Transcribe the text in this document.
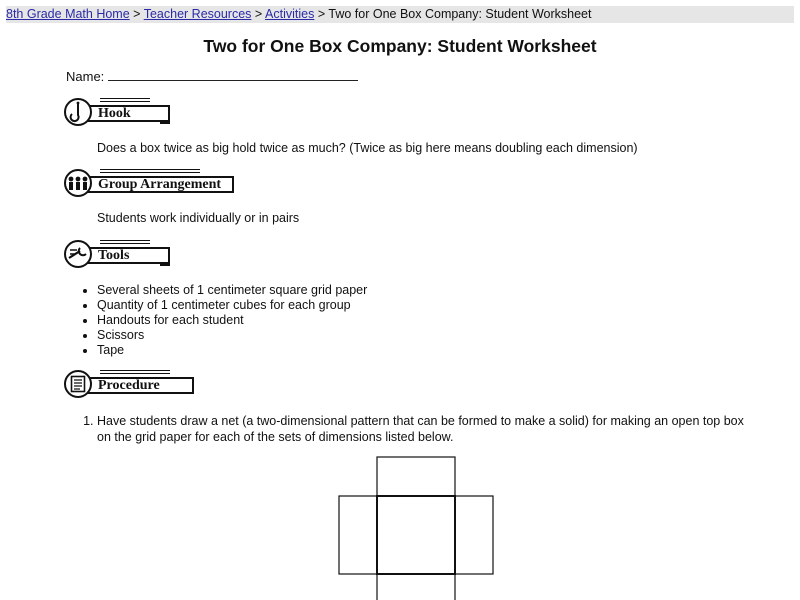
8th Grade Math Home > Teacher Resources > Activities > Two for One Box Company: Student Worksheet
Two for One Box Company: Student Worksheet
Name:
Hook

Does a box twice as big hold twice as much? (Twice as big here means doubling each dimension)

Group Arrangement

Students work individually or in pairs

Tools
• Several sheets of 1 centimeter square grid paper
• Quantity of 1 centimeter cubes for each group
• Handouts for each student
• Scissors
• Tape
Procedure
1. Have students draw a net (a two-dimensional pattern that can be formed to make a solid) for making an open top box on the grid paper for each of the sets of dimensions listed below.
